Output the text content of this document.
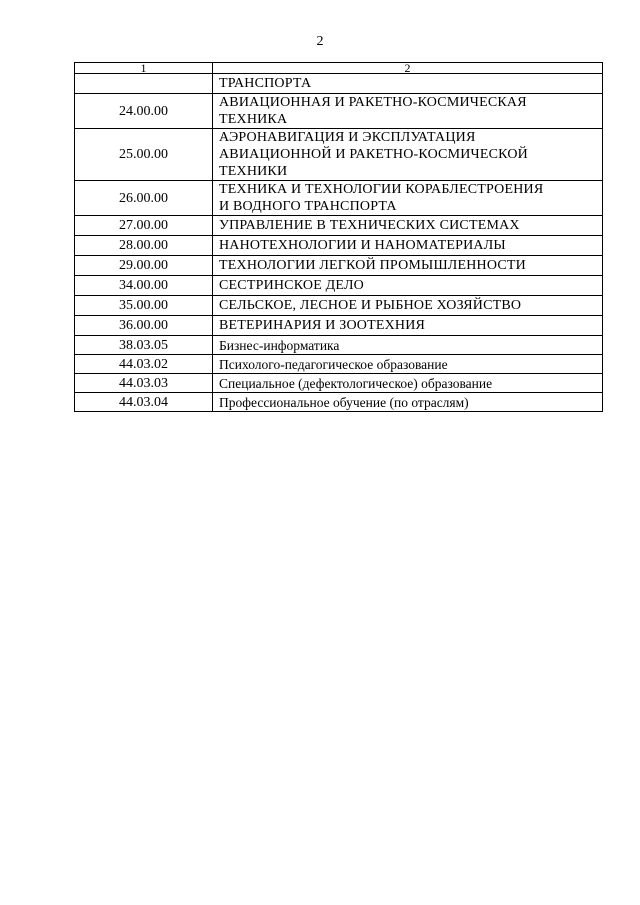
2
1	2

	ТРАНСПОРТА

24.00.00	АВИАЦИОННАЯ И РАКЕТНО-КОСМИЧЕСКАЯ
ТЕХНИКА

25.00.00	АЭРОНАВИГАЦИЯ И ЭКСПЛУАТАЦИЯ
АВИАЦИОННОЙ И РАКЕТНО-КОСМИЧЕСКОЙ
ТЕХНИКИ

26.00.00	ТЕХНИКА И ТЕХНОЛОГИИ КОРАБЛЕСТРОЕНИЯ
И ВОДНОГО ТРАНСПОРТА

27.00.00	УПРАВЛЕНИЕ В ТЕХНИЧЕСКИХ СИСТЕМАХ

28.00.00	НАНОТЕХНОЛОГИИ И НАНОМАТЕРИАЛЫ

29.00.00	ТЕХНОЛОГИИ ЛЕГКОЙ ПРОМЫШЛЕННОСТИ

34.00.00	СЕСТРИНСКОЕ ДЕЛО

35.00.00	СЕЛЬСКОЕ, ЛЕСНОЕ И РЫБНОЕ ХОЗЯЙСТВО

36.00.00	ВЕТЕРИНАРИЯ И ЗООТЕХНИЯ

38.03.05	Бизнес-информатика

44.03.02	Психолого-педагогическое образование

44.03.03	Специальное (дефектологическое) образование

44.03.04	Профессиональное обучение (по отраслям)
